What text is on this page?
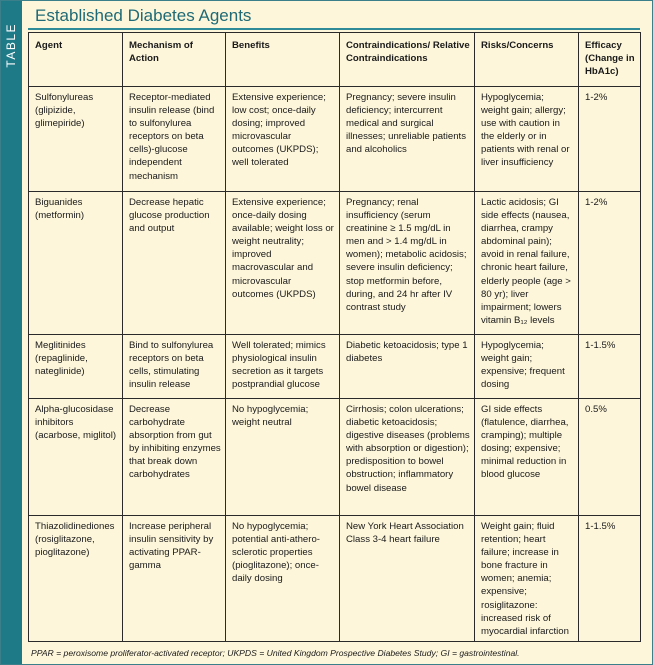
TABLE
Established Diabetes Agents
Agent	Mechanism of Action	Benefits	Contraindications/ Relative Contraindications	Risks/Concerns	Efficacy (Change in HbA1c)
Sulfonylureas (glipizide, glimepiride)	Receptor-mediated insulin release (bind to sulfonylurea receptors on beta cells)-glucose independent mechanism	Extensive experience; low cost; once-daily dosing; improved microvascular outcomes (UKPDS); well tolerated	Pregnancy; severe insulin deficiency; intercurrent medical and surgical illnesses; unreliable patients and alcoholics	Hypoglycemia; weight gain; allergy; use with caution in the elderly or in patients with renal or liver insufficiency	1-2%
Biguanides (metformin)	Decrease hepatic glucose production and output	Extensive experience; once-daily dosing available; weight loss or weight neutrality; improved macrovascular and microvascular outcomes (UKPDS)	Pregnancy; renal insufficiency (serum creatinine ≥ 1.5 mg/dL in men and > 1.4 mg/dL in women); metabolic acidosis; severe insulin deficiency; stop metformin before, during, and 24 hr after IV contrast study	Lactic acidosis; GI side effects (nausea, diarrhea, crampy abdominal pain); avoid in renal failure, chronic heart failure, elderly people (age > 80 yr); liver impairment; lowers vitamin B₁₂ levels	1-2%
Meglitinides (repaglinide, nateglinide)	Bind to sulfonylurea receptors on beta cells, stimulating insulin release	Well tolerated; mimics physiological insulin secretion as it targets postprandial glucose	Diabetic ketoacidosis; type 1 diabetes	Hypoglycemia; weight gain; expensive; frequent dosing	1-1.5%
Alpha-glucosidase inhibitors (acarbose, miglitol)	Decrease carbohydrate absorption from gut by inhibiting enzymes that break down carbohydrates	No hypoglycemia; weight neutral	Cirrhosis; colon ulcerations; diabetic ketoacidosis; digestive diseases (problems with absorption or digestion); predisposition to bowel obstruction; inflammatory bowel disease	GI side effects (flatulence, diarrhea, cramping); multiple dosing; expensive; minimal reduction in blood glucose	0.5%
Thiazolidinediones (rosiglitazone, pioglitazone)	Increase peripheral insulin sensitivity by activating PPAR-gamma	No hypoglycemia; potential anti-athero-sclerotic properties (pioglitazone); once-daily dosing	New York Heart Association Class 3-4 heart failure	Weight gain; fluid retention; heart failure; increase in bone fracture in women; anemia; expensive; rosiglitazone: increased risk of myocardial infarction	1-1.5%
PPAR = peroxisome proliferator-activated receptor; UKPDS = United Kingdom Prospective Diabetes Study; GI = gastrointestinal.
